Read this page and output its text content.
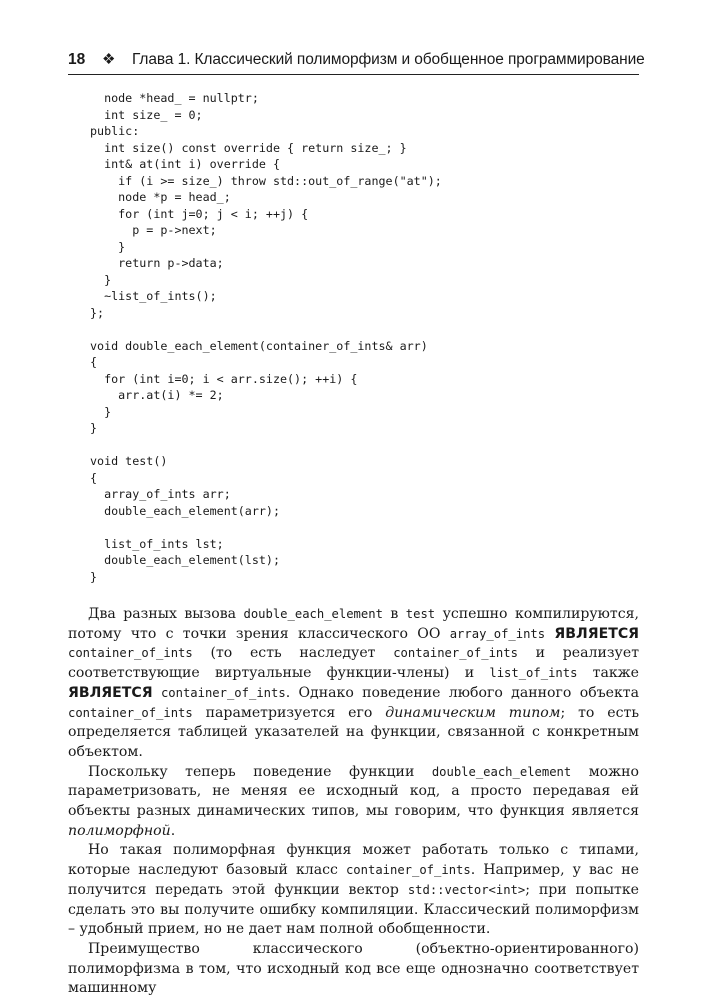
18 ❖ Глава 1. Классический полиморфизм и обобщенное программирование
node *head_ = nullptr;
int size_ = 0;
public:
int size() const override { return size_; }
int& at(int i) override {
if (i >= size_) throw std::out_of_range("at");
node *p = head_;
for (int j=0; j < i; ++j) {
p = p->next;
}
return p->data;
}
~list_of_ints();
};

void double_each_element(container_of_ints& arr)
{
for (int i=0; i < arr.size(); ++i) {
arr.at(i) *= 2;
}
}

void test()
{
array_of_ints arr;
double_each_element(arr);

list_of_ints lst;
double_each_element(lst);
}

Два разных вызова double_each_element в test успешно компилируются, потому что с точки зрения классического ОО array_of_ints ЯВЛЯЕТСЯ container_of_ints (то есть наследует container_of_ints и реализует соответствующие виртуальные функции-члены) и list_of_ints также ЯВЛЯЕТСЯ container_of_ints. Однако поведение любого данного объекта container_of_ints параметризуется его динамическим типом; то есть определяется таблицей указателей на функции, связанной с конкретным объектом.

Поскольку теперь поведение функции double_each_element можно параметризовать, не меняя ее исходный код, а просто передавая ей объекты разных динамических типов, мы говорим, что функция является полиморфной.

Но такая полиморфная функция может работать только с типами, которые наследуют базовый класс container_of_ints. Например, у вас не получится передать этой функции вектор std::vector<int>; при попытке сделать это вы получите ошибку компиляции. Классический полиморфизм – удобный прием, но не дает нам полной обобщенности.

Преимущество классического (объектно-ориентированного) полиморфизма в том, что исходный код все еще однозначно соответствует машинному
